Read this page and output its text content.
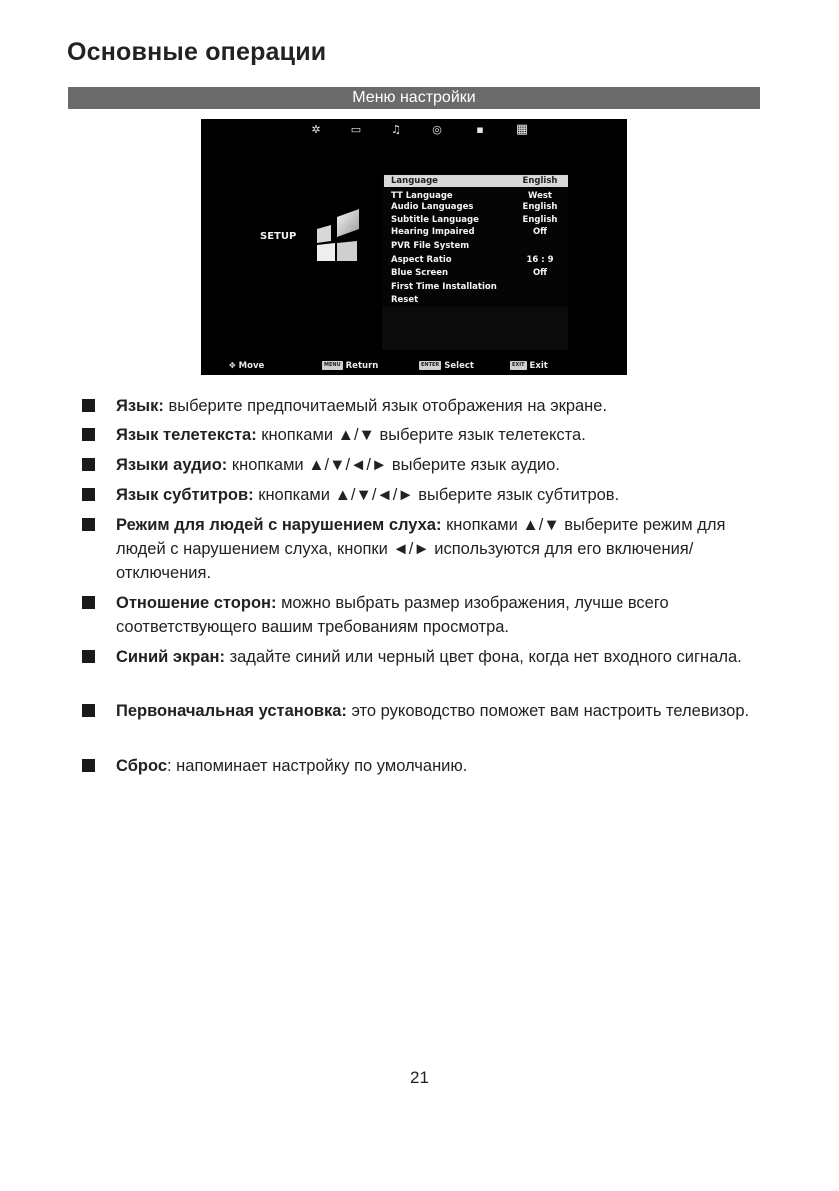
Основные операции
Меню настройки
✲	▭	♫	◎	▪ ▦
SETUP
Language	English
TT Language	West
Audio Languages	English
Subtitle Language	English
Hearing Impaired	Off
PVR File System
Aspect Ratio	16 : 9
Blue Screen	Off
First Time Installation
Reset
✥ Move	MENU Return	ENTER Select	EXIT Exit
Язык: выберите предпочитаемый язык отображения на экране.
Язык телетекста: кнопками ▲/▼ выберите язык телетекста.
Языки аудио: кнопками ▲/▼/◄/► выберите язык аудио.
Язык субтитров: кнопками ▲/▼/◄/► выберите язык субтитров.
Режим для людей с нарушением слуха: кнопками ▲/▼ выберите режим для людей с нарушением слуха, кнопки ◄/► используются для его включения/отключения.
Отношение сторон: можно выбрать размер изображения, лучше всего соответствующего вашим требованиям просмотра.
Синий экран: задайте синий или черный цвет фона, когда нет входного сигнала.
Первоначальная установка: это руководство поможет вам настроить телевизор.
Сброс: напоминает настройку по умолчанию.
21
